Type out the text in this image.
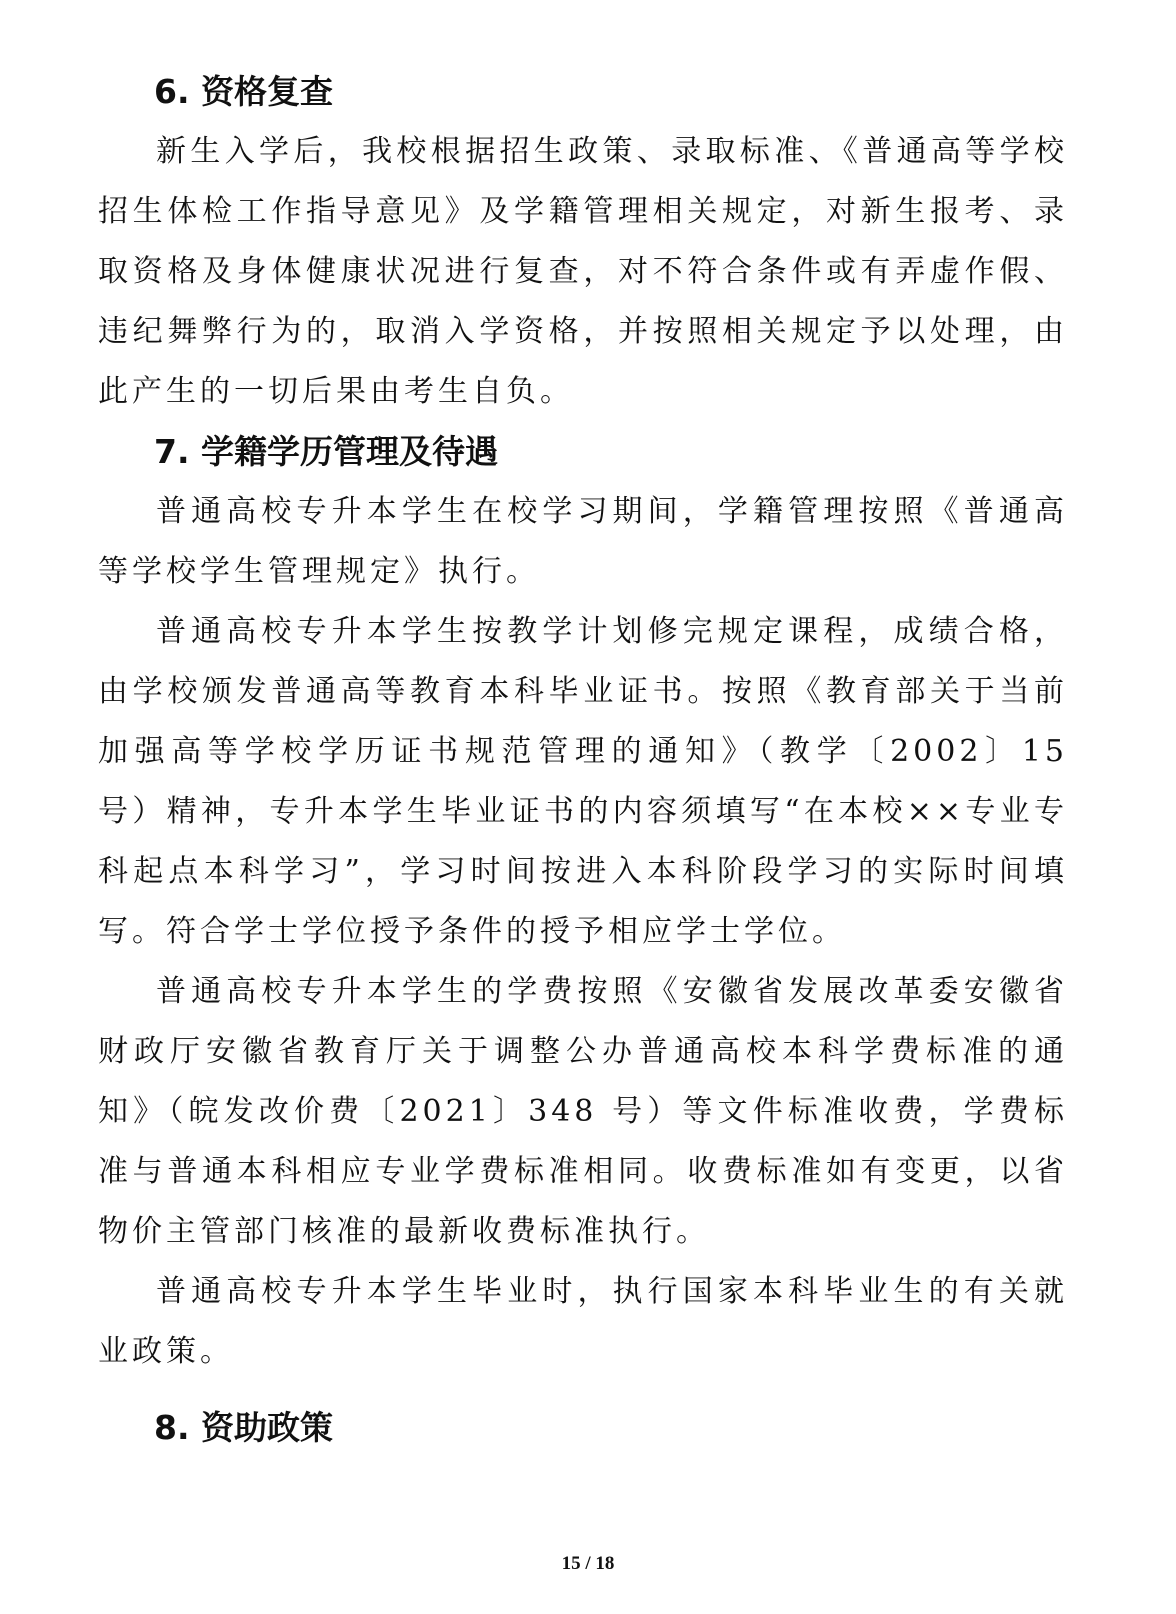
6. 资格复查

新生入学后，我校根据招生政策、录取标准、《普通高等学校招生体检工作指导意见》及学籍管理相关规定，对新生报考、录取资格及身体健康状况进行复查，对不符合条件或有弄虚作假、违纪舞弊行为的，取消入学资格，并按照相关规定予以处理，由此产生的一切后果由考生自负。

7. 学籍学历管理及待遇

普通高校专升本学生在校学习期间，学籍管理按照《普通高等学校学生管理规定》执行。

普通高校专升本学生按教学计划修完规定课程，成绩合格，由学校颁发普通高等教育本科毕业证书。按照《教育部关于当前加强高等学校学历证书规范管理的通知》（教学〔2002〕15 号）精神，专升本学生毕业证书的内容须填写“在本校××专业专科起点本科学习”，学习时间按进入本科阶段学习的实际时间填写。符合学士学位授予条件的授予相应学士学位。

普通高校专升本学生的学费按照《安徽省发展改革委安徽省财政厅安徽省教育厅关于调整公办普通高校本科学费标准的通知》（皖发改价费〔2021〕348 号）等文件标准收费，学费标准与普通本科相应专业学费标准相同。收费标准如有变更，以省物价主管部门核准的最新收费标准执行。

普通高校专升本学生毕业时，执行国家本科毕业生的有关就业政策。

8. 资助政策
15 / 18
